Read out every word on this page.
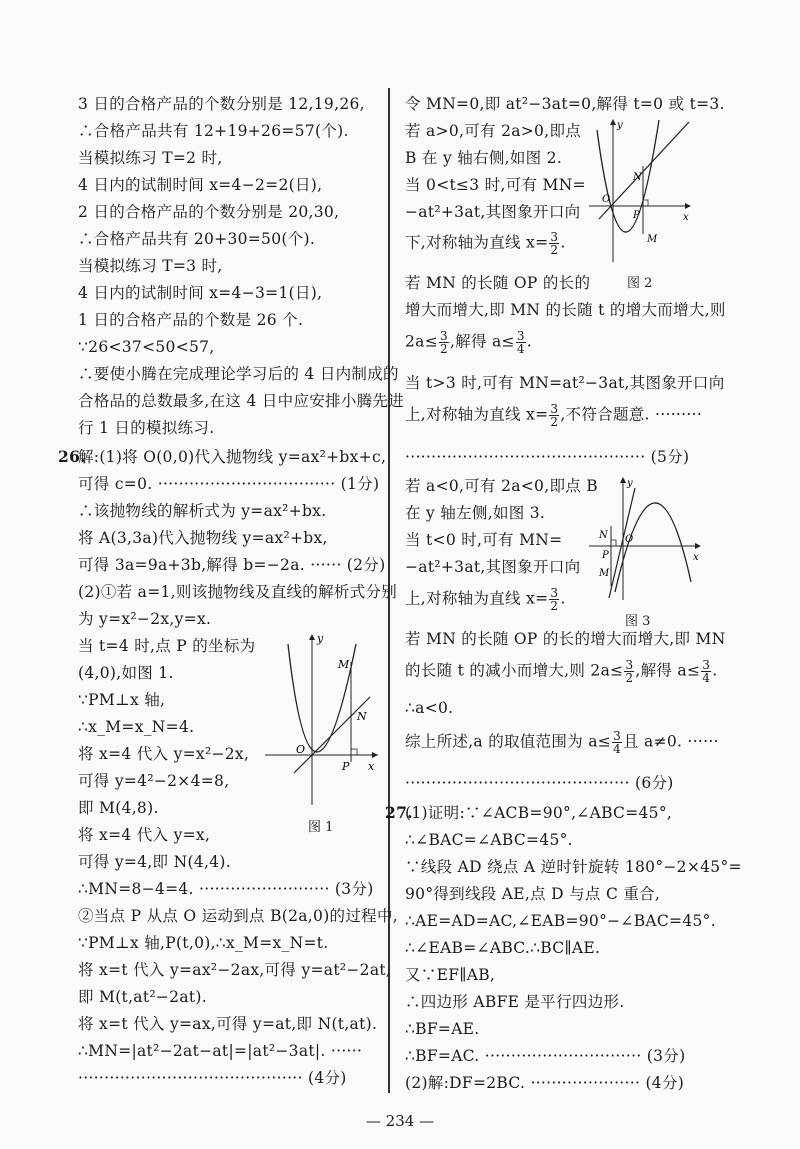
3 日的合格产品的个数分别是 12,19,26,
∴合格产品共有 12+19+26=57(个).
当模拟练习 T=2 时,
4 日内的试制时间 x=4−2=2(日),
2 日的合格产品的个数分别是 20,30,
∴合格产品共有 20+30=50(个).
当模拟练习 T=3 时,
4 日内的试制时间 x=4−3=1(日),
1 日的合格产品的个数是 26 个.
∵26<37<50<57,
∴要使小腾在完成理论学习后的 4 日内制成的
合格品的总数最多,在这 4 日中应安排小腾先进
行 1 日的模拟练习.
26.
解:(1)将 O(0,0)代入抛物线 y=ax²+bx+c,
可得 c=0. ·································· (1分)
∴该抛物线的解析式为 y=ax²+bx.
将 A(3,3a)代入抛物线 y=ax²+bx,
可得 3a=9a+3b,解得 b=−2a. ······ (2分)
(2)①若 a=1,则该抛物线及直线的解析式分别
为 y=x²−2x,y=x.
当 t=4 时,点 P 的坐标为
(4,0),如图 1.
∵PM⊥x 轴,
∴x_M=x_N=4.
将 x=4 代入 y=x²−2x,
可得 y=4²−2×4=8,
即 M(4,8).
将 x=4 代入 y=x,
可得 y=4,即 N(4,4).
∴MN=8−4=4. ························· (3分)
②当点 P 从点 O 运动到点 B(2a,0)的过程中,
∵PM⊥x 轴,P(t,0),∴x_M=x_N=t.
将 x=t 代入 y=ax²−2ax,可得 y=at²−2at,
即 M(t,at²−2at).
将 x=t 代入 y=ax,可得 y=at,即 N(t,at).
∴MN=|at²−2at−at|=|at²−3at|. ······
··········································· (4分)
y
x
O
M
N
P
图 1
令 MN=0,即 at²−3at=0,解得 t=0 或 t=3.
若 a>0,可有 2a>0,即点
B 在 y 轴右侧,如图 2.
当 0<t≤3 时,可有 MN=
−at²+3at,其图象开口向
下,对称轴为直线 $x= \frac{3}{2}$ .
若 MN 的长随 OP 的长的
增大而增大,即 MN 的长随 t 的增大而增大,则
$2a\le \frac{3}{2}$ ,解得 $a\le \frac{3}{4}$ .
当 t>3 时,可有 MN=at²−3at,其图象开口向
上,对称轴为直线 $x= \frac{3}{2}$ ,不符合题意. ·········
·············································· (5分)
若 a<0,可有 2a<0,即点 B
在 y 轴左侧,如图 3.
当 t<0 时,可有 MN=
−at²+3at,其图象开口向
上,对称轴为直线 $x= \frac{3}{2}$ .
若 MN 的长随 OP 的长的增大而增大,即 MN
的长随 t 的减小而增大,则 $2a\le \frac{3}{2}$ ,解得 $a\le \frac{3}{4}$ .
∴a<0.
综上所述,a 的取值范围为 $a\le \frac{3}{4}$ 且 a≠0. ······
··········································· (6分)
27.
(1)证明:∵∠ACB=90°,∠ABC=45°,
∴∠BAC=∠ABC=45°.
∵线段 AD 绕点 A 逆时针旋转 180°−2×45°=
90°得到线段 AE,点 D 与点 C 重合,
∴AE=AD=AC,∠EAB=90°−∠BAC=45°.
∴∠EAB=∠ABC.∴BC∥AE.
又∵EF∥AB,
∴四边形 ABFE 是平行四边形.
∴BF=AE.
∴BF=AC. ······························ (3分)
(2)解:DF=2BC. ····················· (4分)
y
x
O
N
P
M
图 2
y
x
O
N
P
M
图 3
— 234 —
